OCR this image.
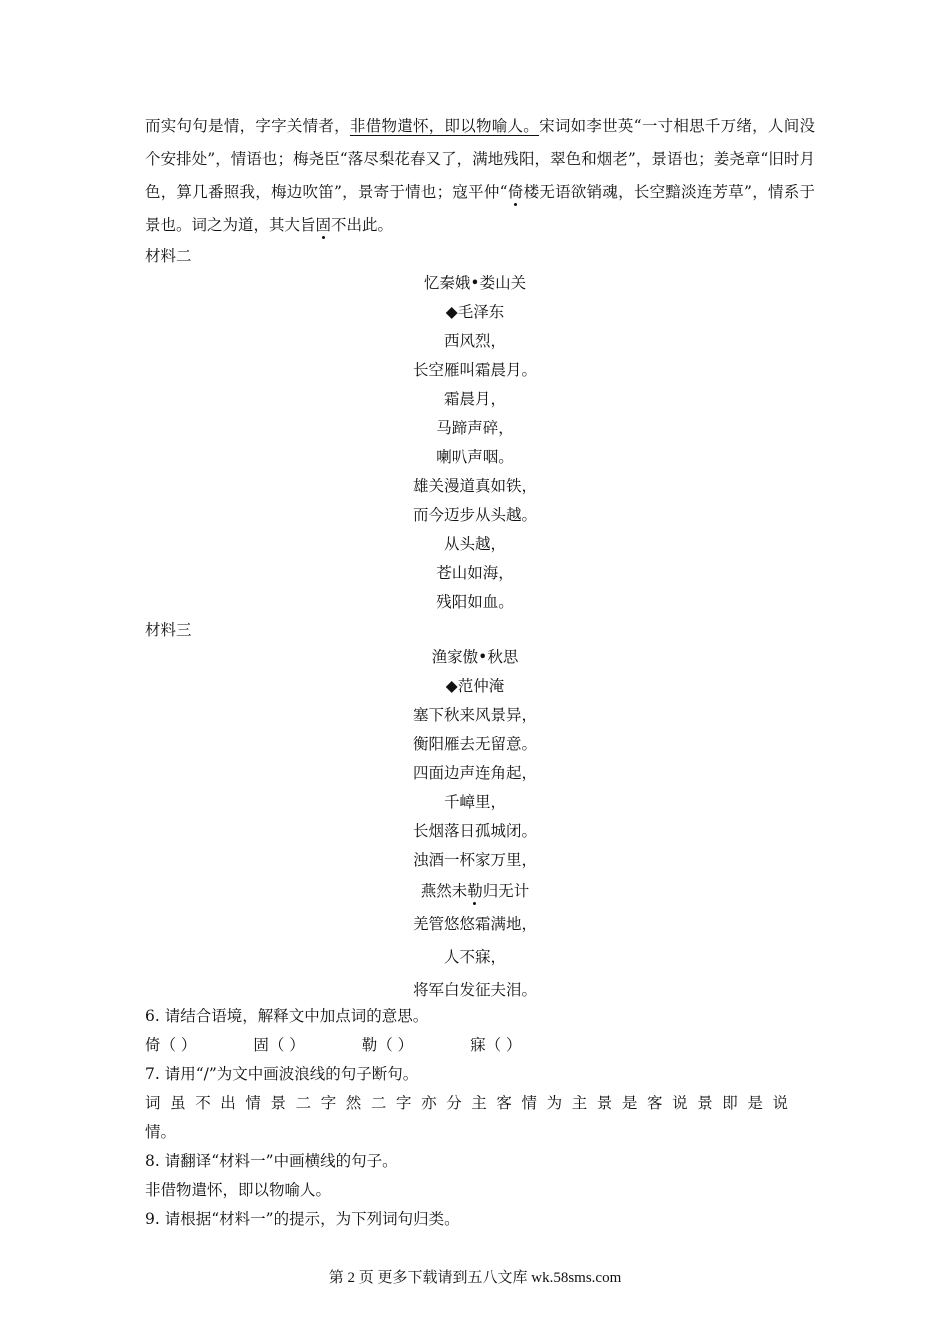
而实句句是情，字字关情者，非借物遣怀，即以物喻人。宋词如李世英“一寸相思千万绪，人间没个安排处”，情语也；梅尧臣“落尽梨花春又了，满地残阳，翠色和烟老”，景语也；姜尧章“旧时月色，算几番照我，梅边吹笛”，景寄于情也；寇平仲“倚楼无语欲销魂，长空黯淡连芳草”，情系于景也。词之为道，其大旨固不出此。
材料二
忆秦娥•娄山关
◆毛泽东
西风烈，
长空雁叫霜晨月。
霜晨月，
马蹄声碎，
喇叭声咽。
雄关漫道真如铁，
而今迈步从头越。
从头越，
苍山如海，
残阳如血。
材料三
渔家傲•秋思
◆范仲淹
塞下秋来风景异，
衡阳雁去无留意。
四面边声连角起，
千嶂里，
长烟落日孤城闭。
浊酒一杯家万里，
燕然未勒归无计
羌管悠悠霜满地，
人不寐，
将军白发征夫泪。
6. 请结合语境，解释文中加点词的意思。
倚（ ）	固（ ）	勒（ ）	寐（ ）
7. 请用“/”为文中画波浪线的句子断句。
词虽不出情景二字然二字亦分主客情为主景是客说景即是说
情。
8. 请翻译“材料一”中画横线的句子。
非借物遣怀，即以物喻人。
9. 请根据“材料一”的提示，为下列词句归类。
第 2 页 更多下载请到五八文库 wk.58sms.com
